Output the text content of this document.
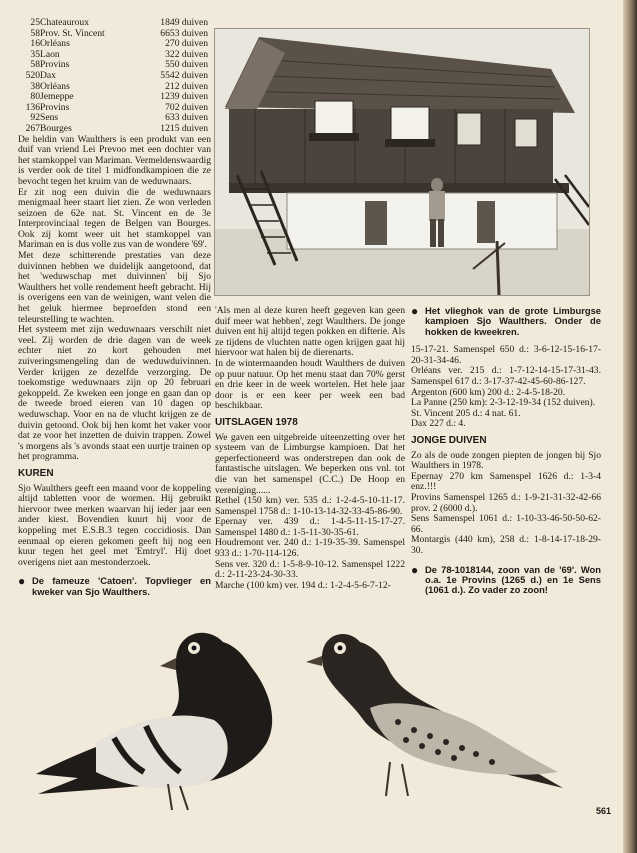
25	Chateauroux	1849 duiven
58	Prov. St. Vincent	6653 duiven
16	Orléans	270 duiven
35	Laon	322 duiven
58	Provins	550 duiven
520	Dax	5542 duiven
38	Orléans	212 duiven
80	Jemeppe	1239 duiven
136	Provins	702 duiven
92	Sens	633 duiven
267	Bourges	1215 duiven

De heldin van Waulthers is een produkt van een duif van vriend Lei Prevoo met een dochter van het stamkoppel van Mariman. Vermeldenswaardig is verder ook de titel 1 midfondkampioen die ze bevocht tegen het kruim van de weduwnaars.

Er zit nog een duivin die de weduwnaars menigmaal heer staart liet zien. Ze won verleden seizoen de 62e nat. St. Vincent en de 3e Interprovinciaal tegen de Belgen van Bourges. Ook zij komt weer uit het stamkoppel van Mariman en is dus volle zus van de wondere '69'.

Met deze schitterende prestaties van deze duivinnen hebben we duidelijk aangetoond, dat het 'weduwschap met duivinnen' bij Sjo Waulthers het volle rendement heeft gebracht. Hij is overigens een van de weinigen, want velen die het geluk hiermee beproefden stond een teleurstelling te wachten.

Het systeem met zijn weduwnaars verschilt niet veel. Zij worden de drie dagen van de week echter niet zo kort gehouden met zuiveringsmengeling dan de weduwduivinnen. Verder krijgen ze dezelfde verzorging. De toekomstige weduwnaars zijn op 20 februari gekoppeld. Ze kweken een jonge en gaan dan op de tweede broed eieren van 10 dagen op weduwschap. Voor en na de vlucht krijgen ze de duivin getoond. Ook bij hen komt het vaker voor dat ze voor het inzetten de duivin trappen. Zowel 's morgens als 's avonds staat een uurtje trainen op het programma.

KUREN

Sjo Waulthers geeft een maand voor de koppeling altijd tabletten voor de wormen. Hij gebruikt hiervoor twee merken waarvan hij ieder jaar een ander kiest. Bovendien kuurt hij voor de koppeling met E.S.B.3 tegen coccidiosis. Dan eenmaal op eieren gekomen geeft hij nog een kuur tegen het geel met 'Emtryl'. Hij doet overigens niet aan mestonderzoek.

● De fameuze 'Catoen'. Topvlieger en kweker van Sjo Waulthers.

'Als men al deze kuren heeft gegeven kan geen duif meer wat hebben', zegt Waulthers. De jonge duiven ent hij altijd tegen pokken en difterie. Als ze tijdens de vluchten natte ogen krijgen gaat hij hiervoor wat halen bij de dierenarts.

In de wintermaanden houdt Waulthers de duiven op puur natuur. Op het menu staat dan 70% gerst en drie keer in de week wortelen. Het hele jaar door is er een keer per week een bad beschikbaar.

UITSLAGEN 1978

We gaven een uitgebreide uiteenzetting over het systeem van de Limburgse kampioen. Dat het geperfectioneerd was onderstrepen dan ook de fantastische uitslagen. We beperken ons vnl. tot die van het samenspel (C.C.) De Hoop en vereniging......

Rethel (150 km) ver. 535 d.: 1-2-4-5-10-11-17. Samenspel 1758 d.: 1-10-13-14-32-33-45-86-90.

Epernay ver. 439 d.: 1-4-5-11-15-17-27. Samenspel 1480 d.: 1-5-11-30-35-61.

Houdremont ver. 240 d.: 1-19-35-39. Samenspel 933 d.: 1-70-114-126.

Sens ver. 320 d.: 1-5-8-9-10-12. Samenspel 1222 d.: 2-11-23-24-30-33.

Marche (100 km) ver. 194 d.: 1-2-4-5-6-7-12-

● Het vlieghok van de grote Limburgse kampioen Sjo Waulthers. Onder de hokken de kweekren.

15-17-21. Samenspel 650 d.: 3-6-12-15-16-17-20-31-34-46.

Orléans ver. 215 d.: 1-7-12-14-15-17-31-43. Samenspel 617 d.: 3-17-37-42-45-60-86-127.

Argenton (600 km) 200 d.: 2-4-5-18-20.

La Panne (250 km): 2-3-12-19-34 (152 duiven).

St. Vincent 205 d.: 4 nat. 61.

Dax 227 d.: 4.

JONGE DUIVEN

Zo als de oude zongen piepten de jongen bij Sjo Waulthers in 1978.

Epernay 270 km Samenspel 1626 d.: 1-3-4 enz.!!!

Provins Samenspel 1265 d.: 1-9-21-31-32-42-66 prov. 2 (6000 d.).

Sens Samenspel 1061 d.: 1-10-33-46-50-50-62-66.

Montargis (440 km), 258 d.: 1-8-14-17-18-29-30.

● De 78-1018144, zoon van de '69'. Won o.a. 1e Provins (1265 d.) en 1e Sens (1061 d.). Zo vader zo zoon!
561
